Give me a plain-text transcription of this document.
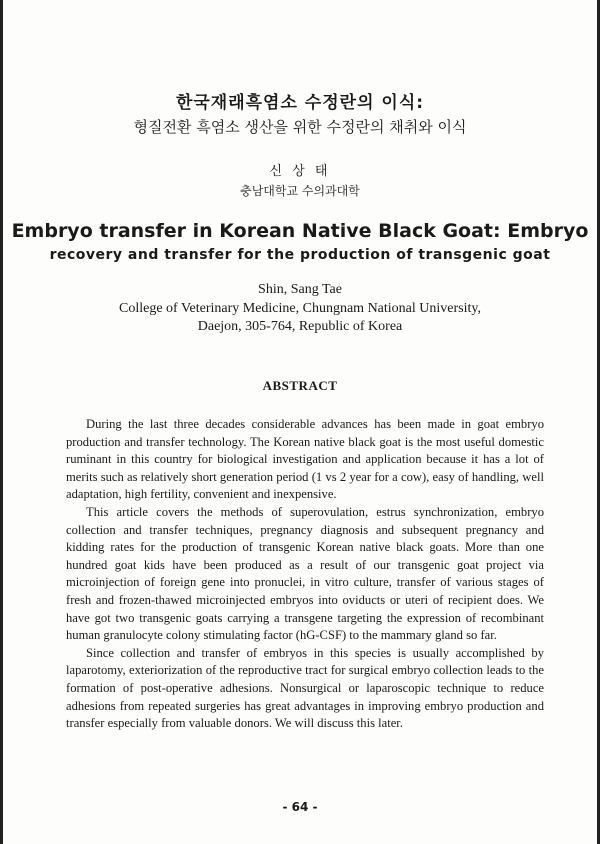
한국재래흑염소 수정란의 이식:
형질전환 흑염소 생산을 위한 수정란의 채취와 이식
신 상 태
충남대학교 수의과대학
Embryo transfer in Korean Native Black Goat: Embryo
recovery and transfer for the production of transgenic goat
Shin, Sang Tae
College of Veterinary Medicine, Chungnam National University,
Daejon, 305-764, Republic of Korea
ABSTRACT

During the last three decades considerable advances has been made in goat embryo production and transfer technology. The Korean native black goat is the most useful domestic ruminant in this country for biological investigation and application because it has a lot of merits such as relatively short generation period (1 vs 2 year for a cow), easy of handling, well adaptation, high fertility, convenient and inexpensive.

This article covers the methods of superovulation, estrus synchronization, embryo collection and transfer techniques, pregnancy diagnosis and subsequent pregnancy and kidding rates for the production of transgenic Korean native black goats. More than one hundred goat kids have been produced as a result of our transgenic goat project via microinjection of foreign gene into pronuclei, in vitro culture, transfer of various stages of fresh and frozen-thawed microinjected embryos into oviducts or uteri of recipient does. We have got two transgenic goats carrying a transgene targeting the expression of recombinant human granulocyte colony stimulating factor (hG-CSF) to the mammary gland so far.

Since collection and transfer of embryos in this species is usually accomplished by laparotomy, exteriorization of the reproductive tract for surgical embryo collection leads to the formation of post-operative adhesions. Nonsurgical or laparoscopic technique to reduce adhesions from repeated surgeries has great advantages in improving embryo production and transfer especially from valuable donors. We will discuss this later.

- 64 -
